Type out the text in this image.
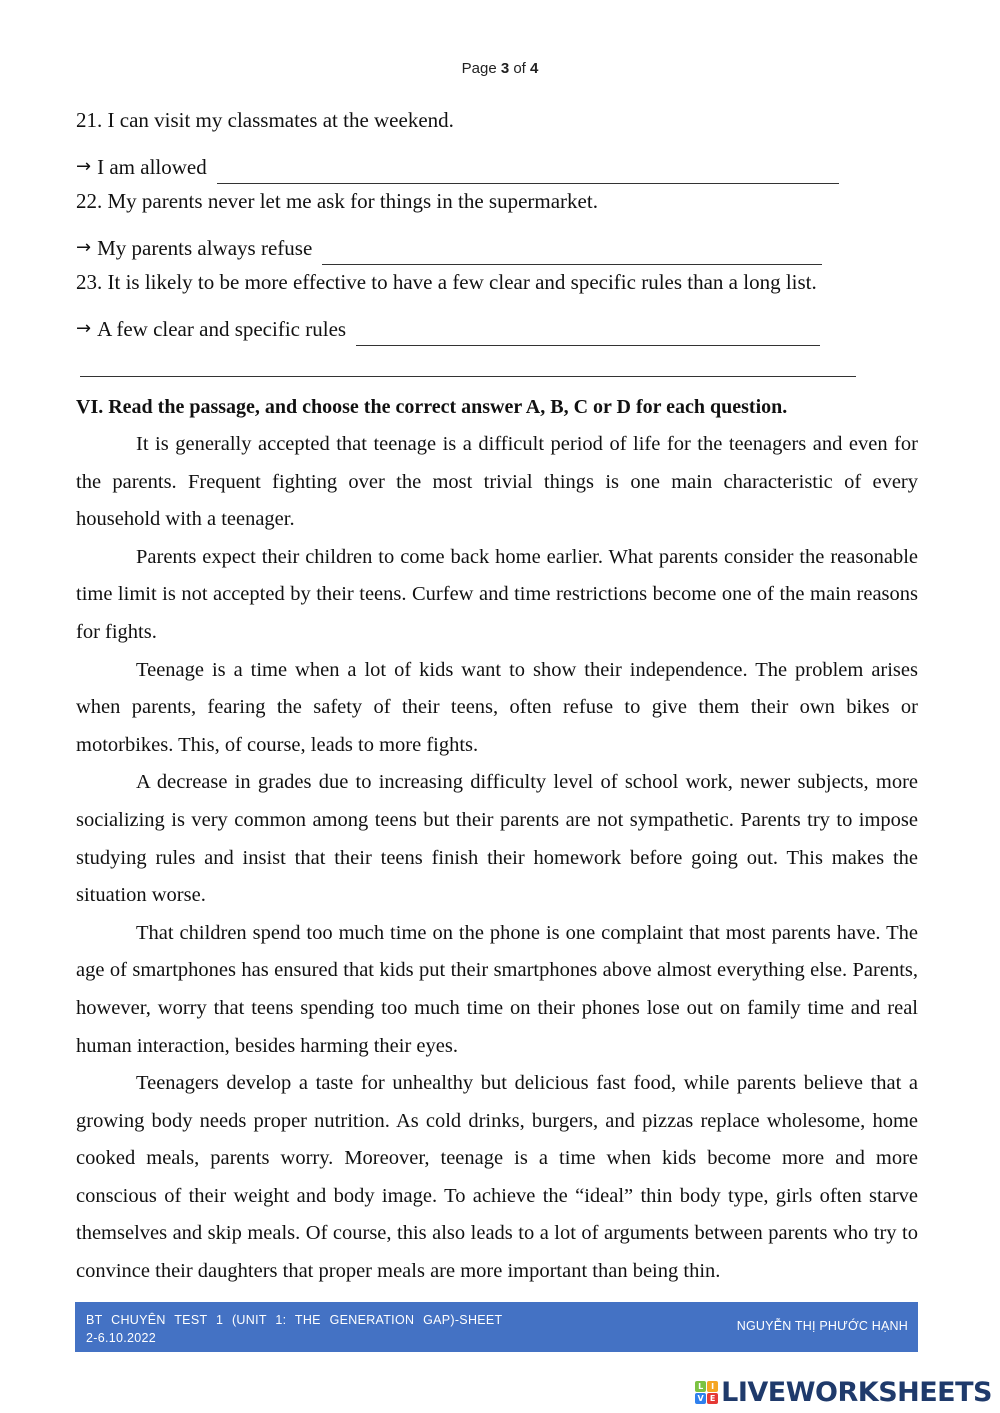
Page 3 of 4
21. I can visit my classmates at the weekend.
→ I am allowed
22. My parents never let me ask for things in the supermarket.
→ My parents always refuse
23. It is likely to be more effective to have a few clear and specific rules than a long list.
→ A few clear and specific rules
VI. Read the passage, and choose the correct answer A, B, C or D for each question.

It is generally accepted that teenage is a difficult period of life for the teenagers and even for the parents. Frequent fighting over the most trivial things is one main characteristic of every household with a teenager.

Parents expect their children to come back home earlier. What parents consider the reasonable time limit is not accepted by their teens. Curfew and time restrictions become one of the main reasons for fights.

Teenage is a time when a lot of kids want to show their independence. The problem arises when parents, fearing the safety of their teens, often refuse to give them their own bikes or motorbikes. This, of course, leads to more fights.

A decrease in grades due to increasing difficulty level of school work, newer subjects, more socializing is very common among teens but their parents are not sympathetic. Parents try to impose studying rules and insist that their teens finish their homework before going out. This makes the situation worse.

That children spend too much time on the phone is one complaint that most parents have. The age of smartphones has ensured that kids put their smartphones above almost everything else. Parents, however, worry that teens spending too much time on their phones lose out on family time and real human interaction, besides harming their eyes.

Teenagers develop a taste for unhealthy but delicious fast food, while parents believe that a growing body needs proper nutrition. As cold drinks, burgers, and pizzas replace wholesome, home cooked meals, parents worry. Moreover, teenage is a time when kids become more and more conscious of their weight and body image. To achieve the “ideal” thin body type, girls often starve themselves and skip meals. Of course, this also leads to a lot of arguments between parents who try to convince their daughters that proper meals are more important than being thin.

BT CHUYÊN TEST 1 (UNIT 1: THE GENERATION GAP)-SHEET 2-6.10.2022
NGUYỄN THỊ PHƯỚC HẠNH
L I
V E LIVEWORKSHEETS
